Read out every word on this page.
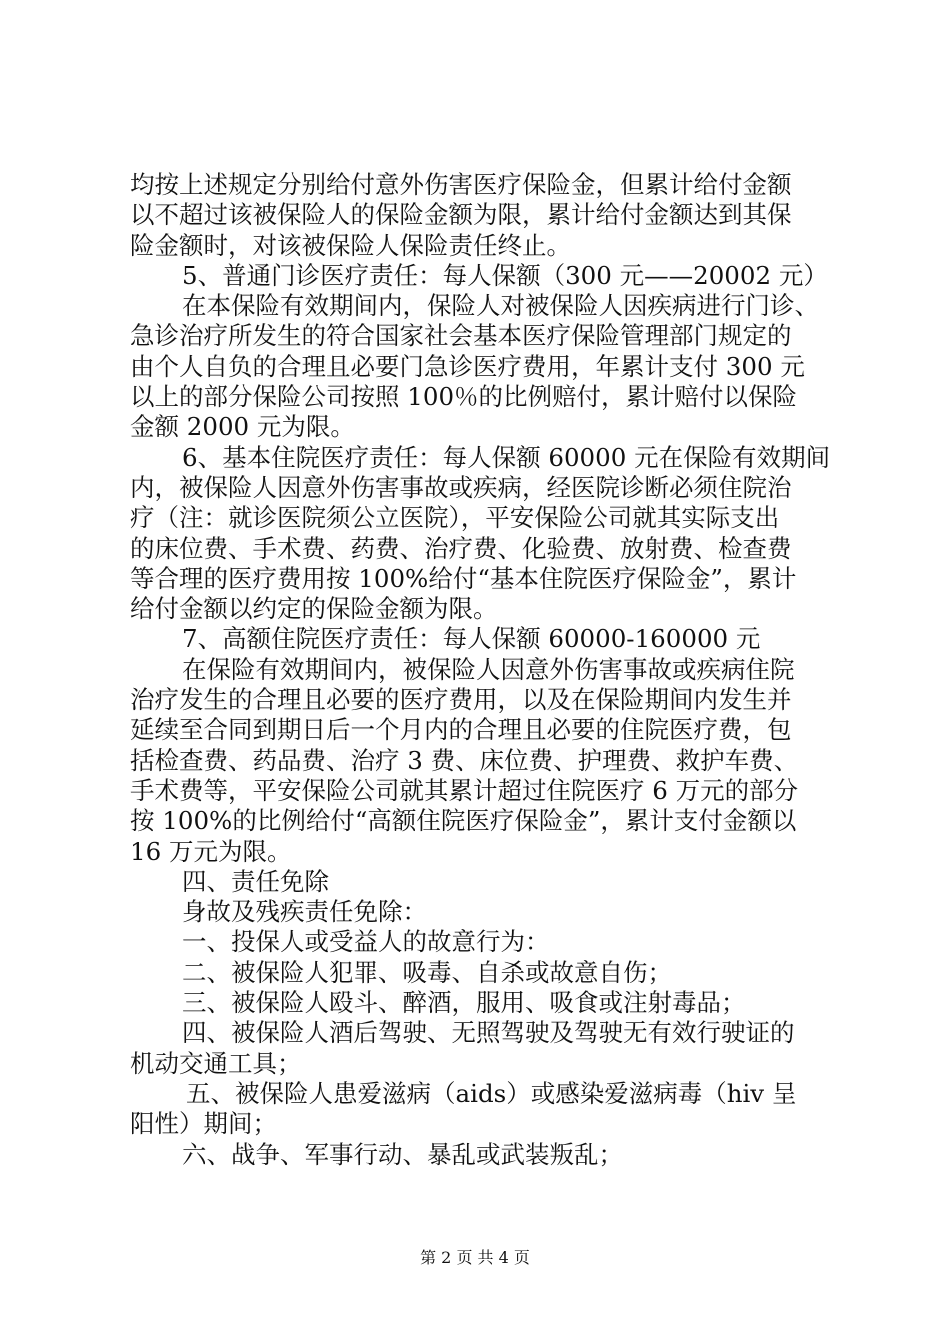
均按上述规定分别给付意外伤害医疗保险金，但累计给付金额
以不超过该被保险人的保险金额为限，累计给付金额达到其保
险金额时，对该被保险人保险责任终止。
5、普通门诊医疗责任：每人保额（300 元——20002 元）
在本保险有效期间内，保险人对被保险人因疾病进行门诊、
急诊治疗所发生的符合国家社会基本医疗保险管理部门规定的
由个人自负的合理且必要门急诊医疗费用，年累计支付 300 元
以上的部分保险公司按照 100％的比例赔付，累计赔付以保险
金额 2000 元为限。
6、基本住院医疗责任：每人保额 60000 元在保险有效期间
内，被保险人因意外伤害事故或疾病，经医院诊断必须住院治
疗（注：就诊医院须公立医院），平安保险公司就其实际支出
的床位费、手术费、药费、治疗费、化验费、放射费、检查费
等合理的医疗费用按 100%给付“基本住院医疗保险金”，累计
给付金额以约定的保险金额为限。
7、高额住院医疗责任：每人保额 60000-160000 元
在保险有效期间内，被保险人因意外伤害事故或疾病住院
治疗发生的合理且必要的医疗费用，以及在保险期间内发生并
延续至合同到期日后一个月内的合理且必要的住院医疗费，包
括检查费、药品费、治疗 3 费、床位费、护理费、救护车费、
手术费等，平安保险公司就其累计超过住院医疗 6 万元的部分
按 100%的比例给付“高额住院医疗保险金”，累计支付金额以
16 万元为限。
四、责任免除
身故及残疾责任免除：
一、投保人或受益人的故意行为：
二、被保险人犯罪、吸毒、自杀或故意自伤；
三、被保险人殴斗、醉酒，服用、吸食或注射毒品；
四、被保险人酒后驾驶、无照驾驶及驾驶无有效行驶证的
机动交通工具；
五、被保险人患爱滋病（aids）或感染爱滋病毒（hiv 呈
阳性）期间；
六、战争、军事行动、暴乱或武装叛乱；
第 2 页 共 4 页
